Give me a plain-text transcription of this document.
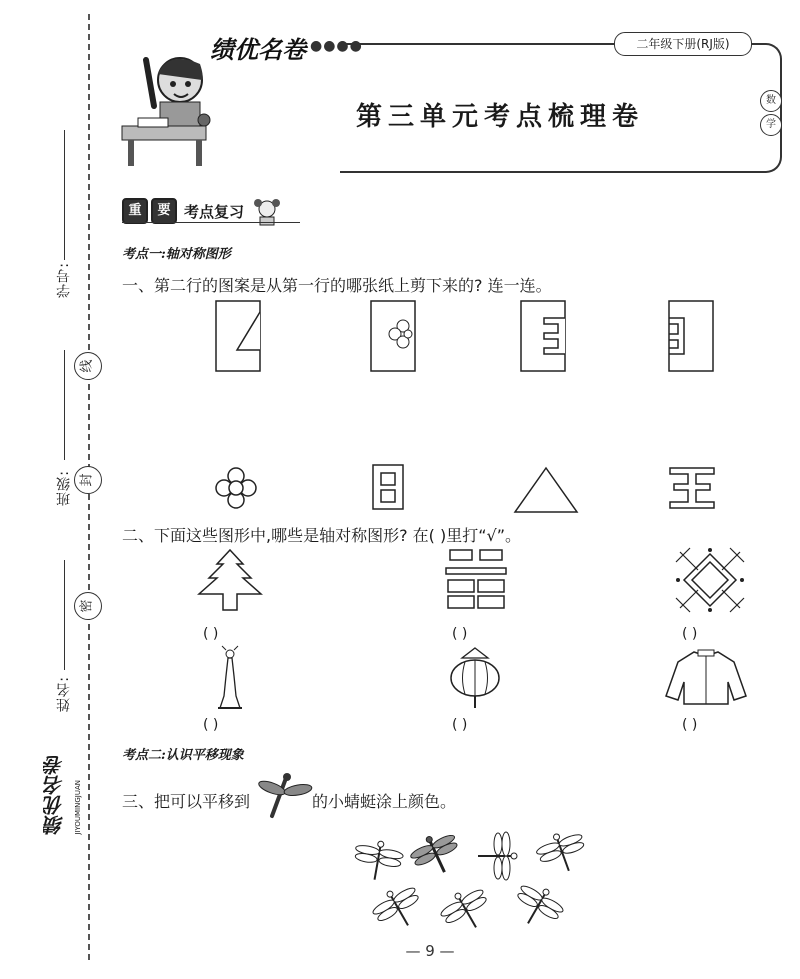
学号:
线
班级: 封
密
姓名:
绩优名卷 JIYOUMINGJUAN
绩优名卷 ●●●●	二年级下册(RJ版)
第三单元考点梳理卷
数
学
重	要 考点复习
考点一:轴对称图形
一、第二行的图案是从第一行的哪张纸上剪下来的? 连一连。
二、下面这些图形中,哪些是轴对称图形? 在( )里打“√”。
( )	( )	( )
( )	( )	( )
考点二:认识平移现象
三、把可以平移到	的小蜻蜓涂上颜色。
— 9 —
